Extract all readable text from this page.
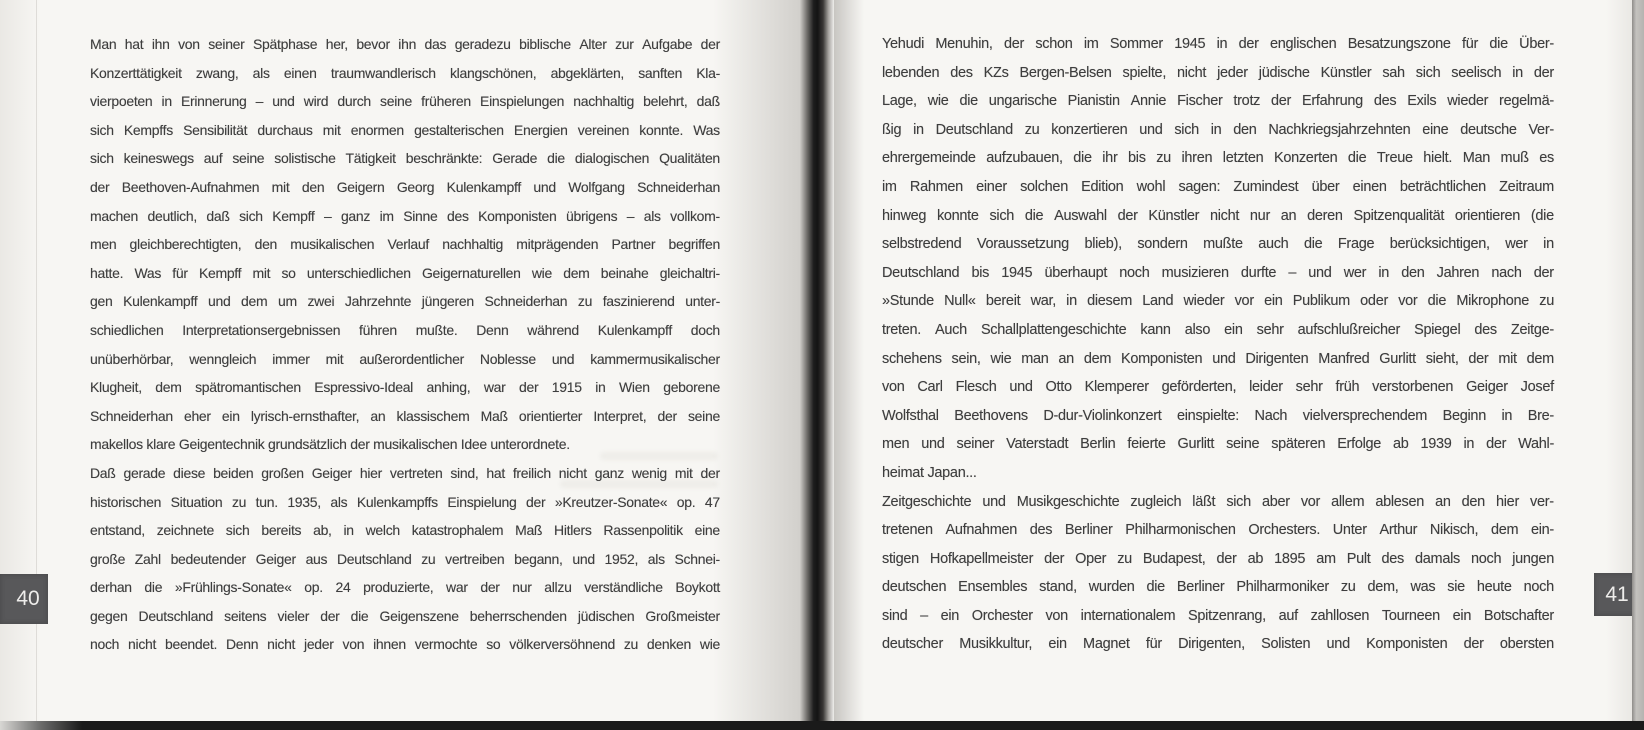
Man hat ihn von seiner Spätphase her, bevor ihn das geradezu biblische Alter zur Aufgabe der
Konzerttätigkeit zwang, als einen traumwandlerisch klangschönen, abgeklärten, sanften Kla-
vierpoeten in Erinnerung – und wird durch seine früheren Einspielungen nachhaltig belehrt, daß
sich Kempffs Sensibilität durchaus mit enormen gestalterischen Energien vereinen konnte. Was
sich keineswegs auf seine solistische Tätigkeit beschränkte: Gerade die dialogischen Qualitäten
der Beethoven-Aufnahmen mit den Geigern Georg Kulenkampff und Wolfgang Schneiderhan
machen deutlich, daß sich Kempff – ganz im Sinne des Komponisten übrigens – als vollkom-
men gleichberechtigten, den musikalischen Verlauf nachhaltig mitprägenden Partner begriffen
hatte. Was für Kempff mit so unterschiedlichen Geigernaturellen wie dem beinahe gleichaltri-
gen Kulenkampff und dem um zwei Jahrzehnte jüngeren Schneiderhan zu faszinierend unter-
schiedlichen Interpretationsergebnissen führen mußte. Denn während Kulenkampff doch
unüberhörbar, wenngleich immer mit außerordentlicher Noblesse und kammermusikalischer
Klugheit, dem spätromantischen Espressivo-Ideal anhing, war der 1915 in Wien geborene
Schneiderhan eher ein lyrisch-ernsthafter, an klassischem Maß orientierter Interpret, der seine
makellos klare Geigentechnik grundsätzlich der musikalischen Idee unterordnete.
Daß gerade diese beiden großen Geiger hier vertreten sind, hat freilich nicht ganz wenig mit der
historischen Situation zu tun. 1935, als Kulenkampffs Einspielung der »Kreutzer-Sonate« op. 47
entstand, zeichnete sich bereits ab, in welch katastrophalem Maß Hitlers Rassenpolitik eine
große Zahl bedeutender Geiger aus Deutschland zu vertreiben begann, und 1952, als Schnei-
derhan die »Frühlings-Sonate« op. 24 produzierte, war der nur allzu verständliche Boykott
gegen Deutschland seitens vieler der die Geigenszene beherrschenden jüdischen Großmeister
noch nicht beendet. Denn nicht jeder von ihnen vermochte so völkerversöhnend zu denken wie
Yehudi Menuhin, der schon im Sommer 1945 in der englischen Besatzungszone für die Über-
lebenden des KZs Bergen-Belsen spielte, nicht jeder jüdische Künstler sah sich seelisch in der
Lage, wie die ungarische Pianistin Annie Fischer trotz der Erfahrung des Exils wieder regelmä-
ßig in Deutschland zu konzertieren und sich in den Nachkriegsjahrzehnten eine deutsche Ver-
ehrergemeinde aufzubauen, die ihr bis zu ihren letzten Konzerten die Treue hielt. Man muß es
im Rahmen einer solchen Edition wohl sagen: Zumindest über einen beträchtlichen Zeitraum
hinweg konnte sich die Auswahl der Künstler nicht nur an deren Spitzenqualität orientieren (die
selbstredend Voraussetzung blieb), sondern mußte auch die Frage berücksichtigen, wer in
Deutschland bis 1945 überhaupt noch musizieren durfte – und wer in den Jahren nach der
»Stunde Null« bereit war, in diesem Land wieder vor ein Publikum oder vor die Mikrophone zu
treten. Auch Schallplattengeschichte kann also ein sehr aufschlußreicher Spiegel des Zeitge-
schehens sein, wie man an dem Komponisten und Dirigenten Manfred Gurlitt sieht, der mit dem
von Carl Flesch und Otto Klemperer geförderten, leider sehr früh verstorbenen Geiger Josef
Wolfsthal Beethovens D-dur-Violinkonzert einspielte: Nach vielversprechendem Beginn in Bre-
men und seiner Vaterstadt Berlin feierte Gurlitt seine späteren Erfolge ab 1939 in der Wahl-
heimat Japan...
Zeitgeschichte und Musikgeschichte zugleich läßt sich aber vor allem ablesen an den hier ver-
tretenen Aufnahmen des Berliner Philharmonischen Orchesters. Unter Arthur Nikisch, dem ein-
stigen Hofkapellmeister der Oper zu Budapest, der ab 1895 am Pult des damals noch jungen
deutschen Ensembles stand, wurden die Berliner Philharmoniker zu dem, was sie heute noch
sind – ein Orchester von internationalem Spitzenrang, auf zahllosen Tourneen ein Botschafter
deutscher Musikkultur, ein Magnet für Dirigenten, Solisten und Komponisten der obersten
40	41
